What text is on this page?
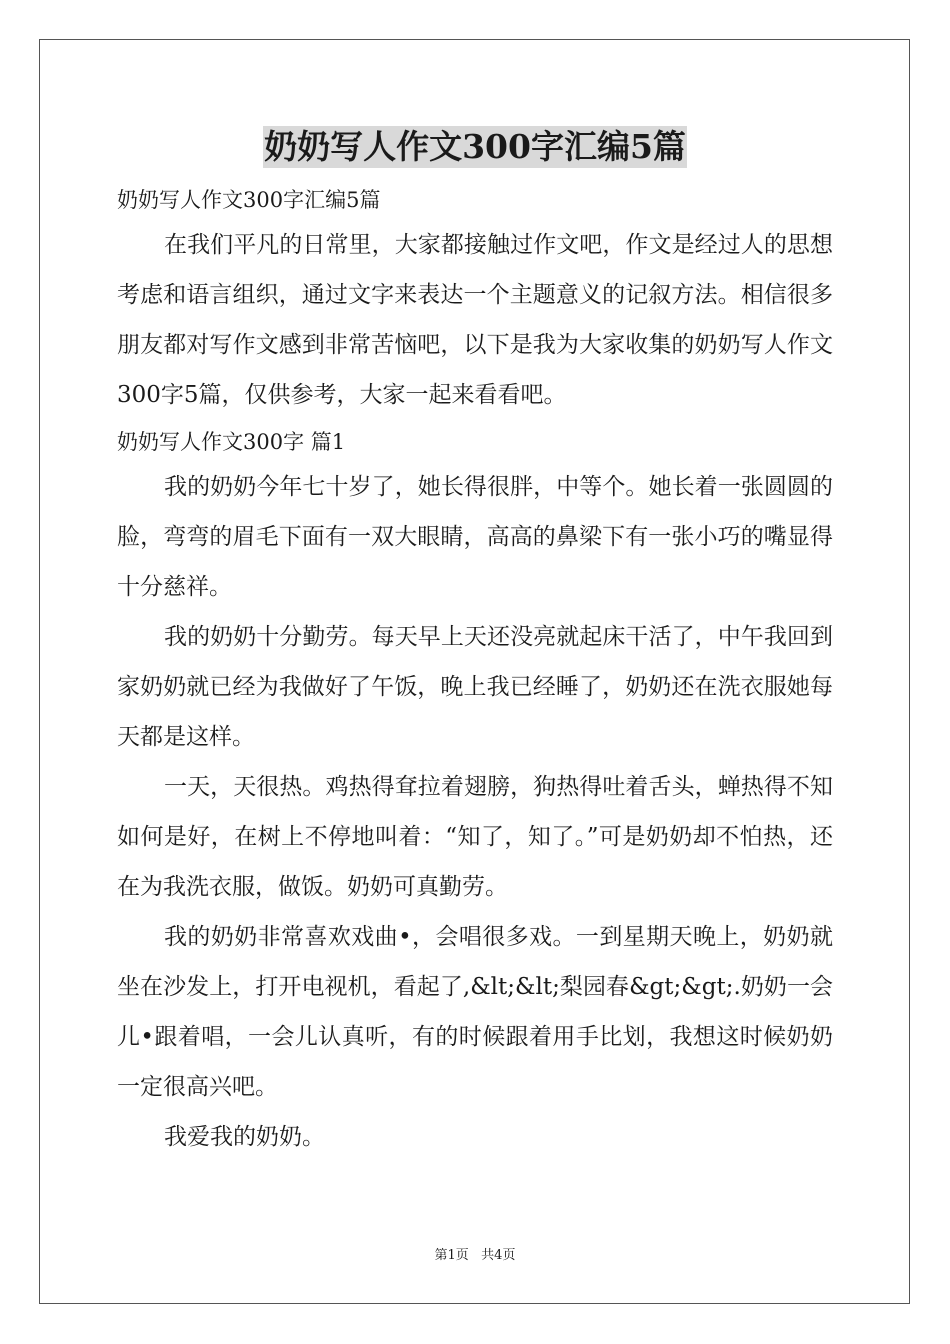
奶奶写人作文300字汇编5篇
奶奶写人作文300字汇编5篇

在我们平凡的日常里，大家都接触过作文吧，作文是经过人的思想考虑和语言组织，通过文字来表达一个主题意义的记叙方法。相信很多朋友都对写作文感到非常苦恼吧，以下是我为大家收集的奶奶写人作文300字5篇，仅供参考，大家一起来看看吧。

奶奶写人作文300字 篇1

我的奶奶今年七十岁了，她长得很胖，中等个。她长着一张圆圆的脸，弯弯的眉毛下面有一双大眼睛，高高的鼻梁下有一张小巧的嘴显得十分慈祥。

我的奶奶十分勤劳。每天早上天还没亮就起床干活了，中午我回到家奶奶就已经为我做好了午饭，晚上我已经睡了，奶奶还在洗衣服她每天都是这样。

一天，天很热。鸡热得耷拉着翅膀，狗热得吐着舌头，蝉热得不知如何是好，在树上不停地叫着：“知了，知了。”可是奶奶却不怕热，还在为我洗衣服，做饭。奶奶可真勤劳。

我的奶奶非常喜欢戏曲•，会唱很多戏。一到星期天晚上，奶奶就坐在沙发上，打开电视机，看起了,&lt;&lt;梨园春&gt;&gt;.奶奶一会儿•跟着唱，一会儿认真听，有的时候跟着用手比划，我想这时候奶奶一定很高兴吧。

我爱我的奶奶。

第1页   共4页
